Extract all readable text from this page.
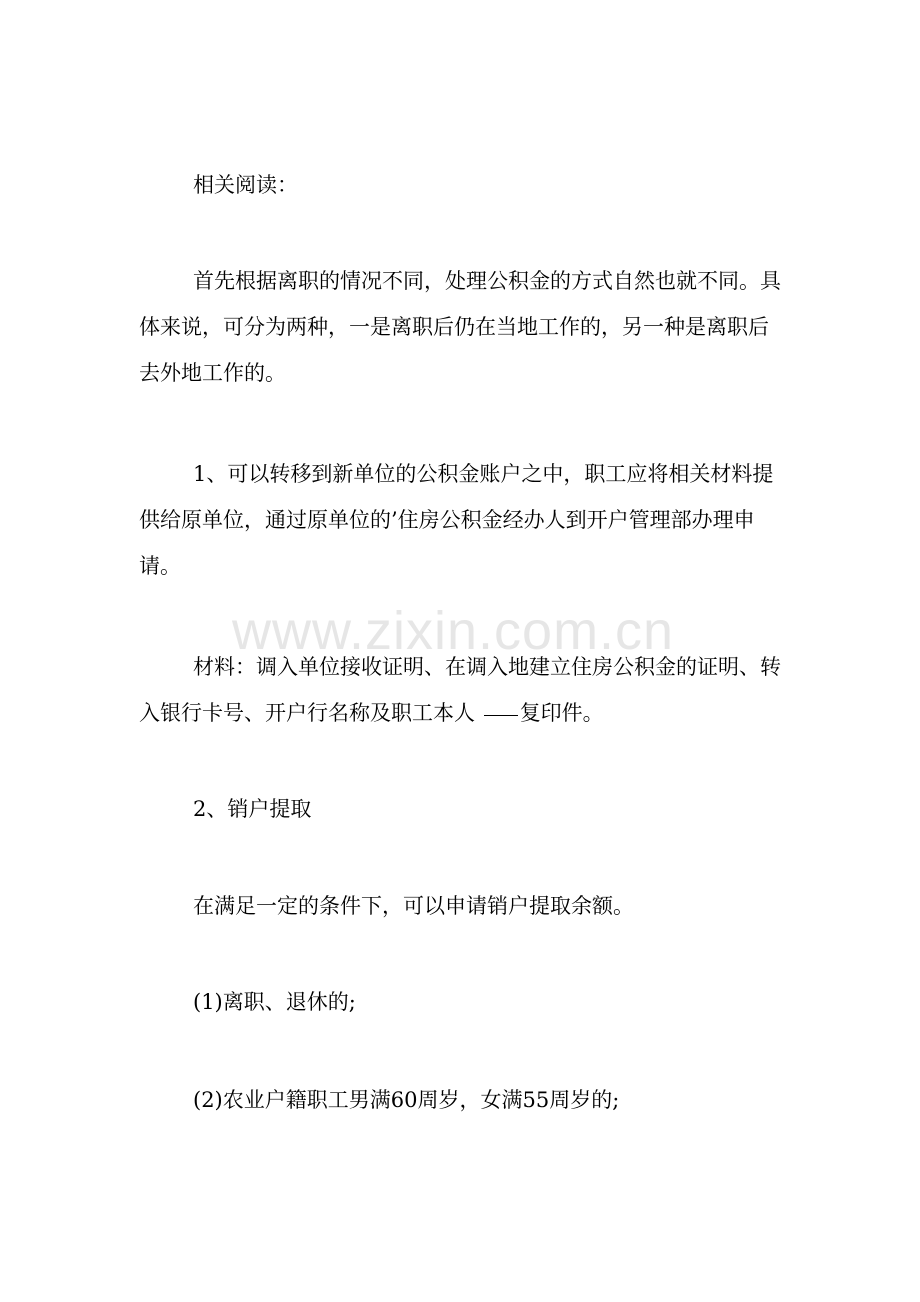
www.zixin.com.cn

相关阅读：

首先根据离职的情况不同，处理公积金的方式自然也就不同。具体来说，可分为两种，一是离职后仍在当地工作的，另一种是离职后去外地工作的。

1、可以转移到新单位的公积金账户之中，职工应将相关材料提供给原单位，通过原单位的’住房公积金经办人到开户管理部办理申请。

材料：调入单位接收证明、在调入地建立住房公积金的证明、转入银行卡号、开户行名称及职工本人 复印件。

2、销户提取

在满足一定的条件下，可以申请销户提取余额。

(1)离职、退休的;

(2)农业户籍职工男满60周岁，女满55周岁的;
